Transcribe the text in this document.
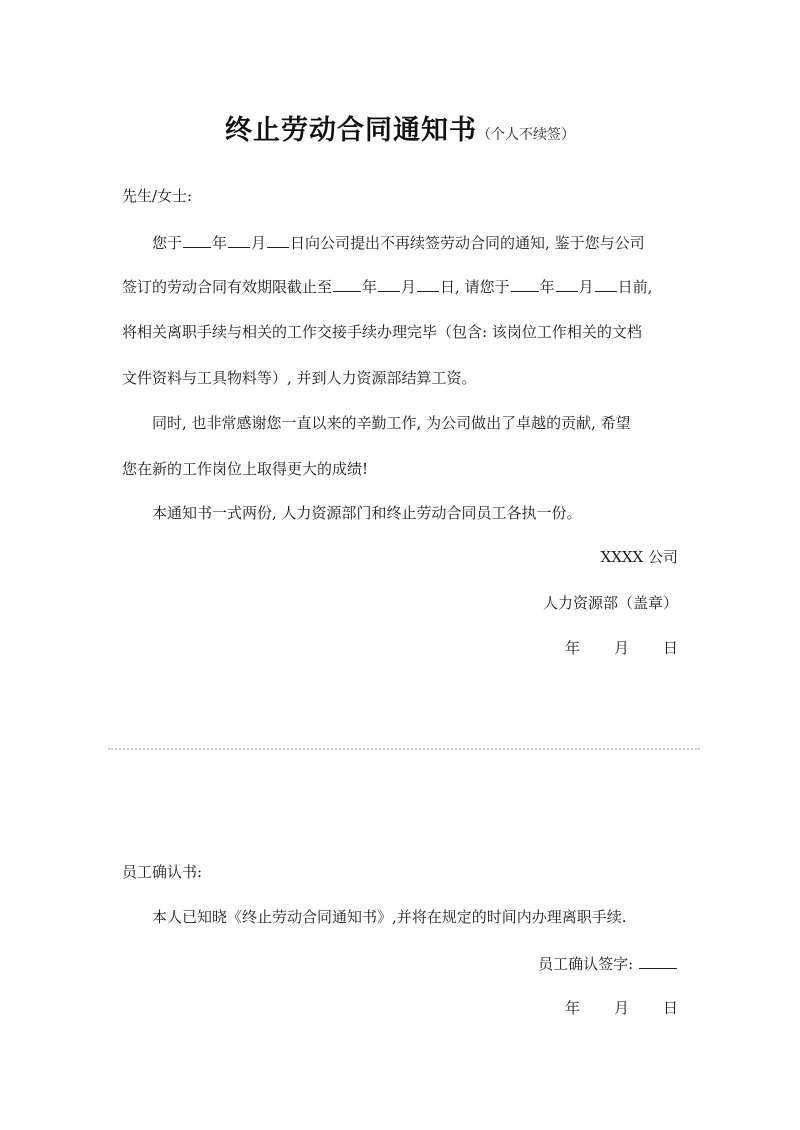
终止劳动合同通知书（个人不续签）
先生/女士:
您于 年 月 日向公司提出不再续签劳动合同的通知, 鉴于您与公司
签订的劳动合同有效期限截止至 年 月 日, 请您于 年 月 日前,
将相关离职手续与相关的工作交接手续办理完毕（包含: 该岗位工作相关的文档
文件资料与工具物料等）, 并到人力资源部结算工资。
同时, 也非常感谢您一直以来的辛勤工作, 为公司做出了卓越的贡献, 希望
您在新的工作岗位上取得更大的成绩!
本通知书一式两份, 人力资源部门和终止劳动合同员工各执一份。
XXXX 公司
人力资源部（盖章）
年 月 日
员工确认书:
本人已知晓《终止劳动合同通知书》,并将在规定的时间内办理离职手续.
员工确认签字:
年 月 日
